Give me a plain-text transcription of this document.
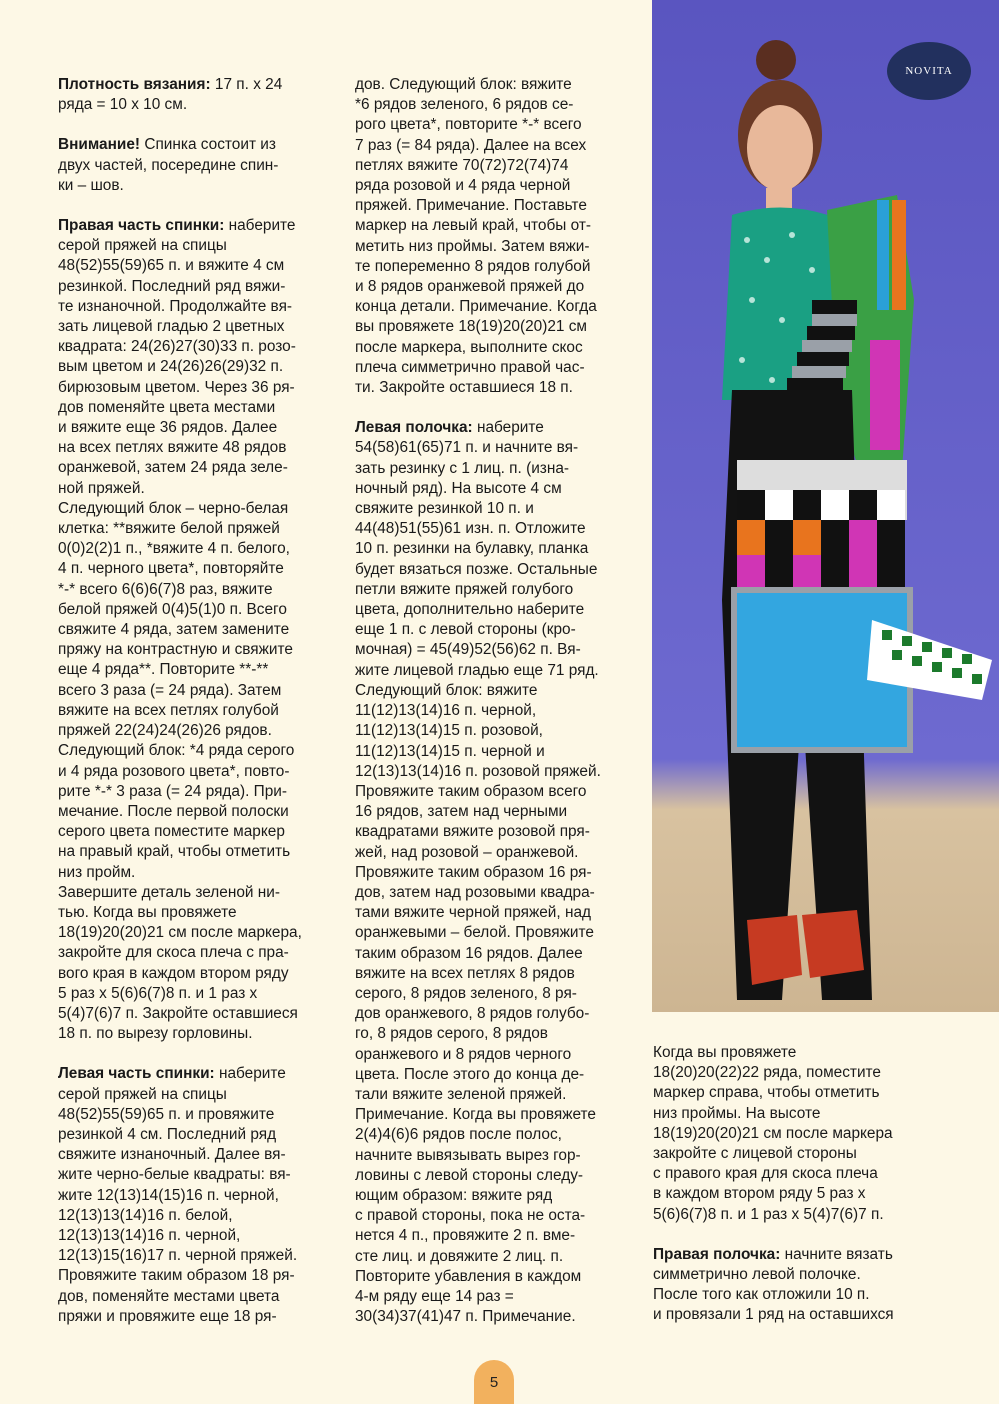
Плотность вязания: 17 п. х 24
ряда = 10 х 10 см.

Внимание! Спинка состоит из
двух частей, посередине спин-
ки – шов.

Правая часть спинки: наберите
серой пряжей на спицы
48(52)55(59)65 п. и вяжите 4 см
резинкой. Последний ряд вяжи-
те изнаночной. Продолжайте вя-
зать лицевой гладью 2 цветных
квадрата: 24(26)27(30)33 п. розо-
вым цветом и 24(26)26(29)32 п.
бирюзовым цветом. Через 36 ря-
дов поменяйте цвета местами
и вяжите еще 36 рядов. Далее
на всех петлях вяжите 48 рядов
оранжевой, затем 24 ряда зеле-
ной пряжей.
Следующий блок – черно-белая
клетка: **вяжите белой пряжей
0(0)2(2)1 п., *вяжите 4 п. белого,
4 п. черного цвета*, повторяйте
*-* всего 6(6)6(7)8 раз, вяжите
белой пряжей 0(4)5(1)0 п. Всего
свяжите 4 ряда, затем замените
пряжу на контрастную и свяжите
еще 4 ряда**. Повторите **-**
всего 3 раза (= 24 ряда). Затем
вяжите на всех петлях голубой
пряжей 22(24)24(26)26 рядов.
Следующий блок: *4 ряда серого
и 4 ряда розового цвета*, повто-
рите *-* 3 раза (= 24 ряда). При-
мечание. После первой полоски
серого цвета поместите маркер
на правый край, чтобы отметить
низ пройм.
Завершите деталь зеленой ни-
тью. Когда вы провяжете
18(19)20(20)21 см после маркера,
закройте для скоса плеча с пра-
вого края в каждом втором ряду
5 раз х 5(6)6(7)8 п. и 1 раз х
5(4)7(6)7 п. Закройте оставшиеся
18 п. по вырезу горловины.

Левая часть спинки: наберите
серой пряжей на спицы
48(52)55(59)65 п. и провяжите
резинкой 4 см. Последний ряд
свяжите изнаночный. Далее вя-
жите черно-белые квадраты: вя-
жите 12(13)14(15)16 п. черной,
12(13)13(14)16 п. белой,
12(13)13(14)16 п. черной,
12(13)15(16)17 п. черной пряжей.
Провяжите таким образом 18 ря-
дов, поменяйте местами цвета
пряжи и провяжите еще 18 ря-

дов. Следующий блок: вяжите
*6 рядов зеленого, 6 рядов се-
рого цвета*, повторите *-* всего
7 раз (= 84 ряда). Далее на всех
петлях вяжите 70(72)72(74)74
ряда розовой и 4 ряда черной
пряжей. Примечание. Поставьте
маркер на левый край, чтобы от-
метить низ проймы. Затем вяжи-
те попеременно 8 рядов голубой
и 8 рядов оранжевой пряжей до
конца детали. Примечание. Когда
вы провяжете 18(19)20(20)21 см
после маркера, выполните скос
плеча симметрично правой час-
ти. Закройте оставшиеся 18 п.

Левая полочка: наберите
54(58)61(65)71 п. и начните вя-
зать резинку с 1 лиц. п. (изна-
ночный ряд). На высоте 4 см
свяжите резинкой 10 п. и
44(48)51(55)61 изн. п. Отложите
10 п. резинки на булавку, планка
будет вязаться позже. Остальные
петли вяжите пряжей голубого
цвета, дополнительно наберите
еще 1 п. с левой стороны (кро-
мочная) = 45(49)52(56)62 п. Вя-
жите лицевой гладью еще 71 ряд.
Следующий блок: вяжите
11(12)13(14)16 п. черной,
11(12)13(14)15 п. розовой,
11(12)13(14)15 п. черной и
12(13)13(14)16 п. розовой пряжей.
Провяжите таким образом всего
16 рядов, затем над черными
квадратами вяжите розовой пря-
жей, над розовой – оранжевой.
Провяжите таким образом 16 ря-
дов, затем над розовыми квадра-
тами вяжите черной пряжей, над
оранжевыми – белой. Провяжите
таким образом 16 рядов. Далее
вяжите на всех петлях 8 рядов
серого, 8 рядов зеленого, 8 ря-
дов оранжевого, 8 рядов голубо-
го, 8 рядов серого, 8 рядов
оранжевого и 8 рядов черного
цвета. После этого до конца де-
тали вяжите зеленой пряжей.
Примечание. Когда вы провяжете
2(4)4(6)6 рядов после полос,
начните вывязывать вырез гор-
ловины с левой стороны следу-
ющим образом: вяжите ряд
с правой стороны, пока не оста-
нется 4 п., провяжите 2 п. вме-
сте лиц. и довяжите 2 лиц. п.
Повторите убавления в каждом
4-м ряду еще 14 раз =
30(34)37(41)47 п. Примечание.

NOVITA

Когда вы провяжете
18(20)20(22)22 ряда, поместите
маркер справа, чтобы отметить
низ проймы. На высоте
18(19)20(20)21 см после маркера
закройте с лицевой стороны
с правого края для скоса плеча
в каждом втором ряду 5 раз х
5(6)6(7)8 п. и 1 раз х 5(4)7(6)7 п.

Правая полочка: начните вязать
симметрично левой полочке.
После того как отложили 10 п.
и провязали 1 ряд на оставшихся

5
